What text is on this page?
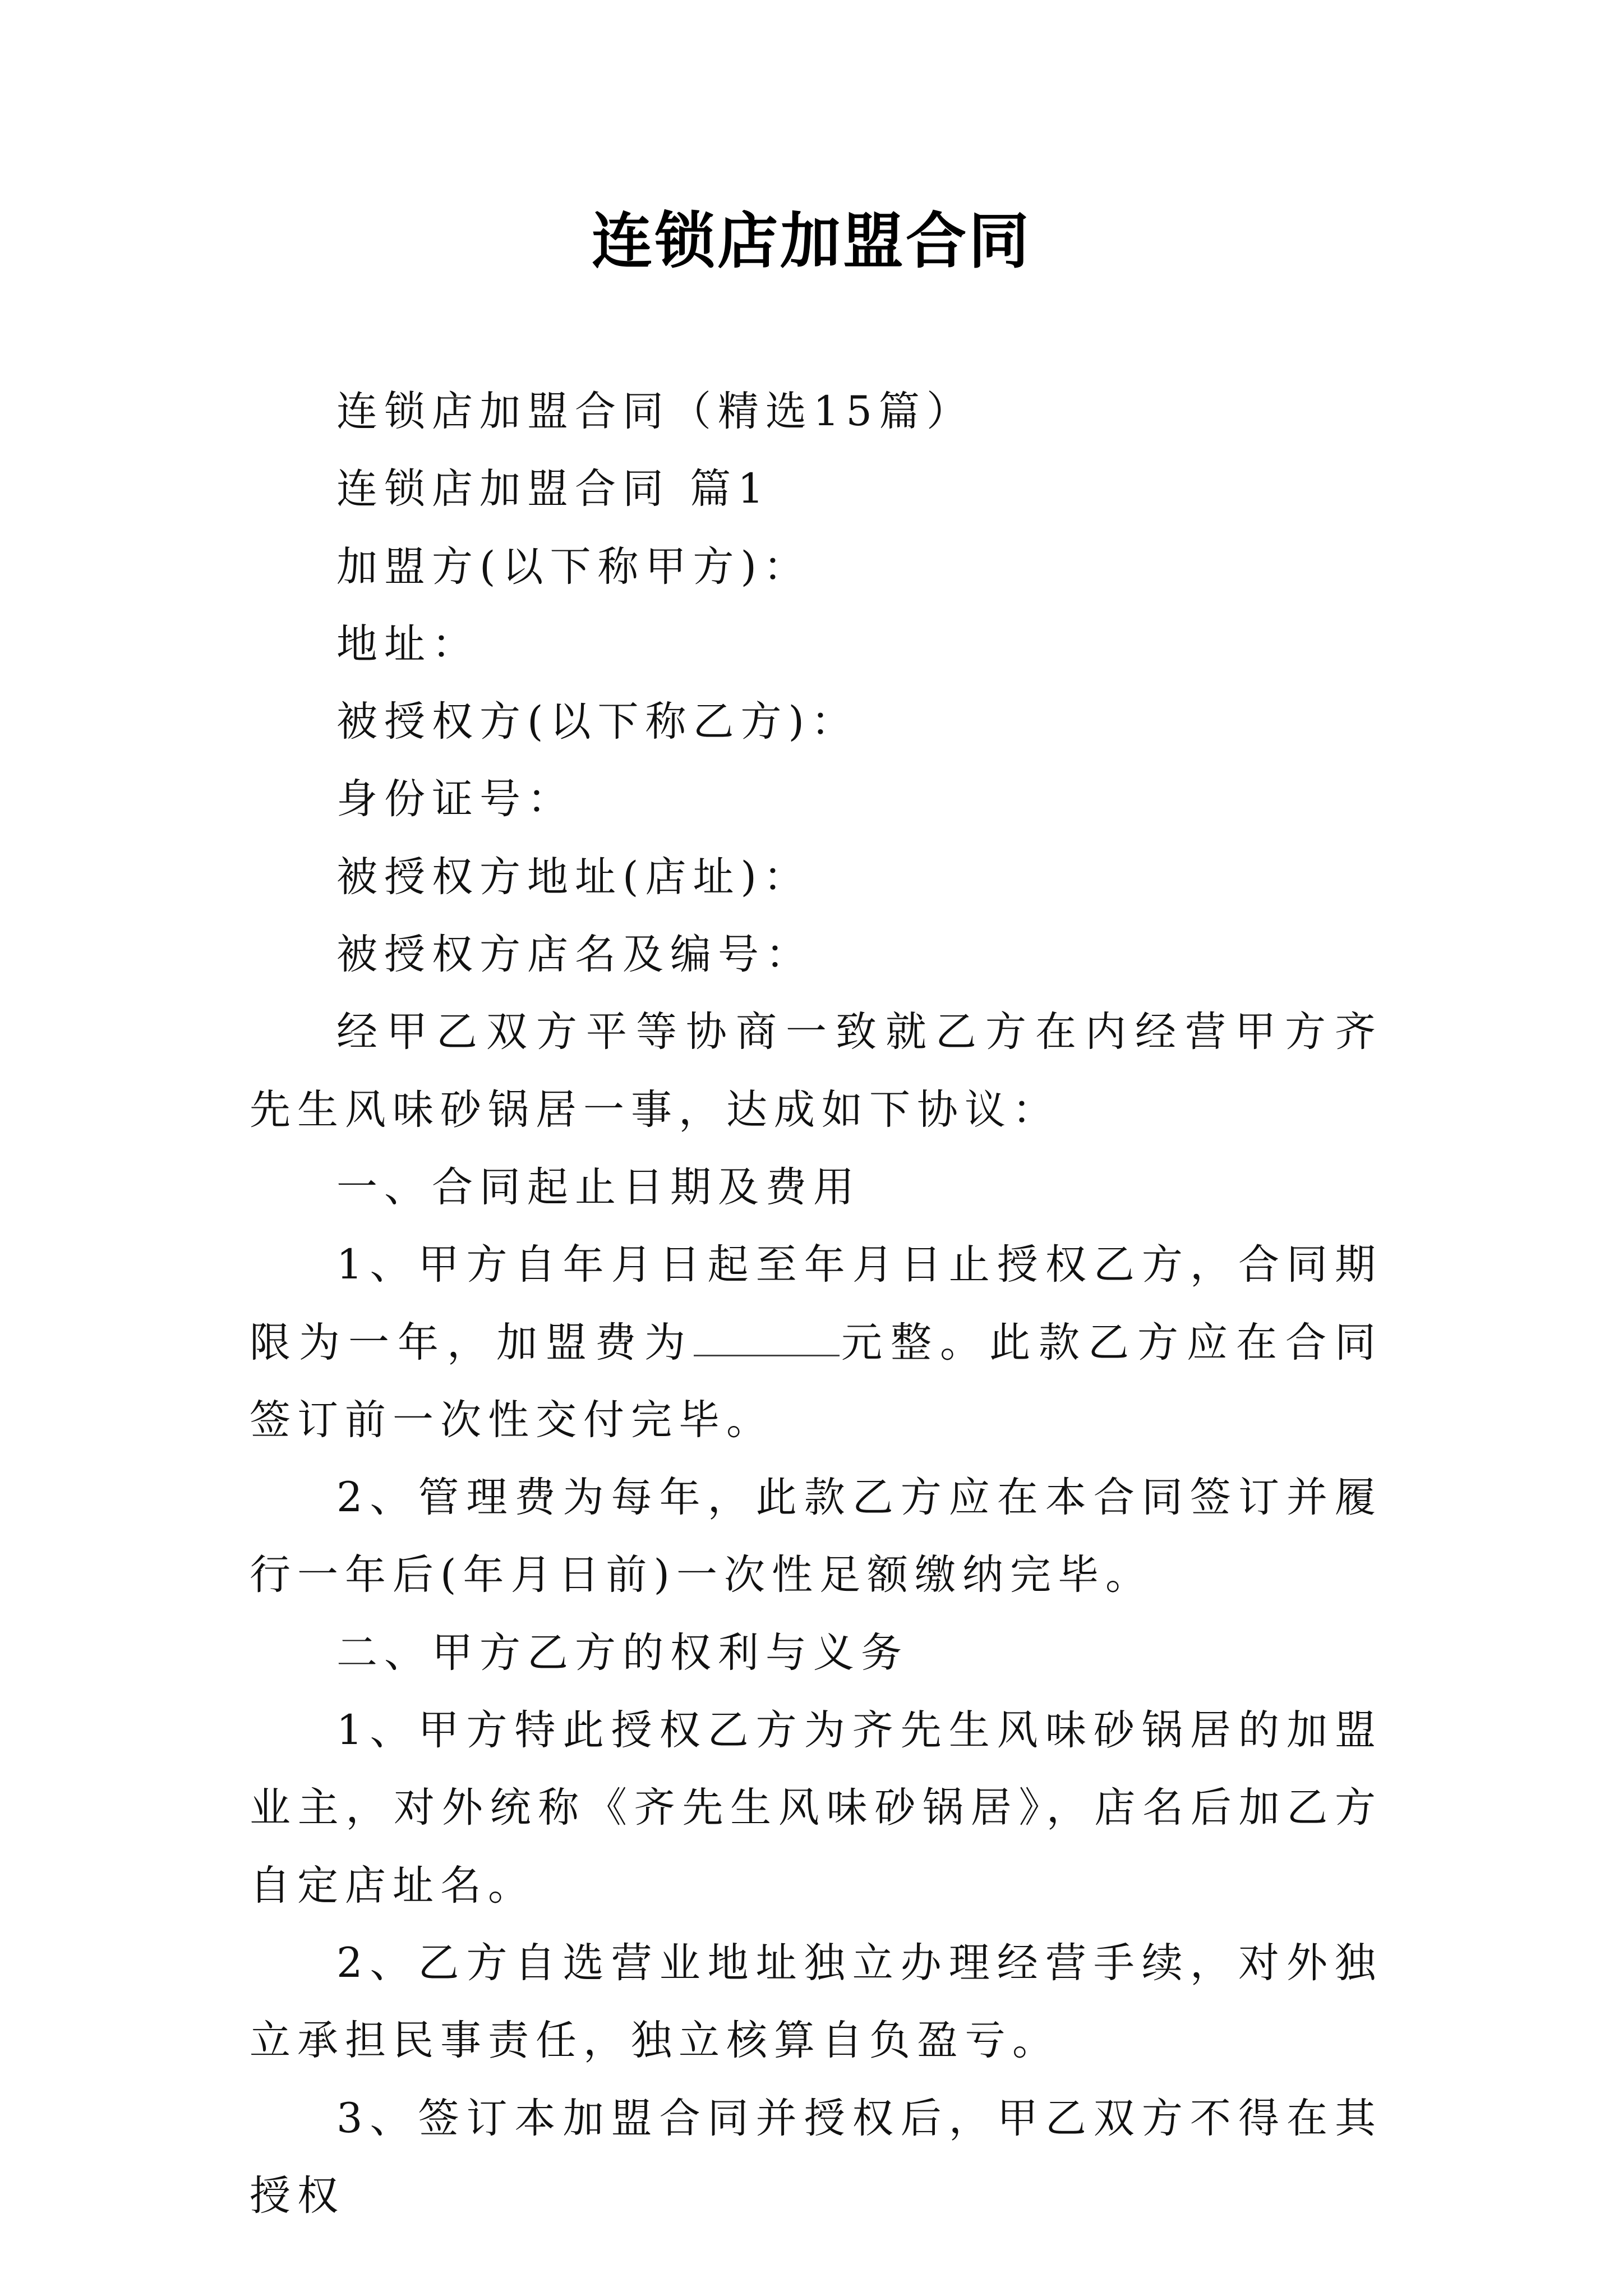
连锁店加盟合同

连锁店加盟合同（精选15篇）

连锁店加盟合同 篇1

加盟方(以下称甲方)：

地址：

被授权方(以下称乙方)：

身份证号：

被授权方地址(店址)：

被授权方店名及编号：

经甲乙双方平等协商一致就乙方在内经营甲方齐先生风味砂锅居一事，达成如下协议：

一、合同起止日期及费用

1、甲方自年月日起至年月日止授权乙方，合同期限为一年，加盟费为	元整。此款乙方应在合同签订前一次性交付完毕。

2、管理费为每年，此款乙方应在本合同签订并履行一年后(年月日前)一次性足额缴纳完毕。

二、甲方乙方的权利与义务

1、甲方特此授权乙方为齐先生风味砂锅居的加盟业主，对外统称《齐先生风味砂锅居》，店名后加乙方自定店址名。

2、乙方自选营业地址独立办理经营手续，对外独立承担民事责任，独立核算自负盈亏。

3、签订本加盟合同并授权后，甲乙双方不得在其授权
